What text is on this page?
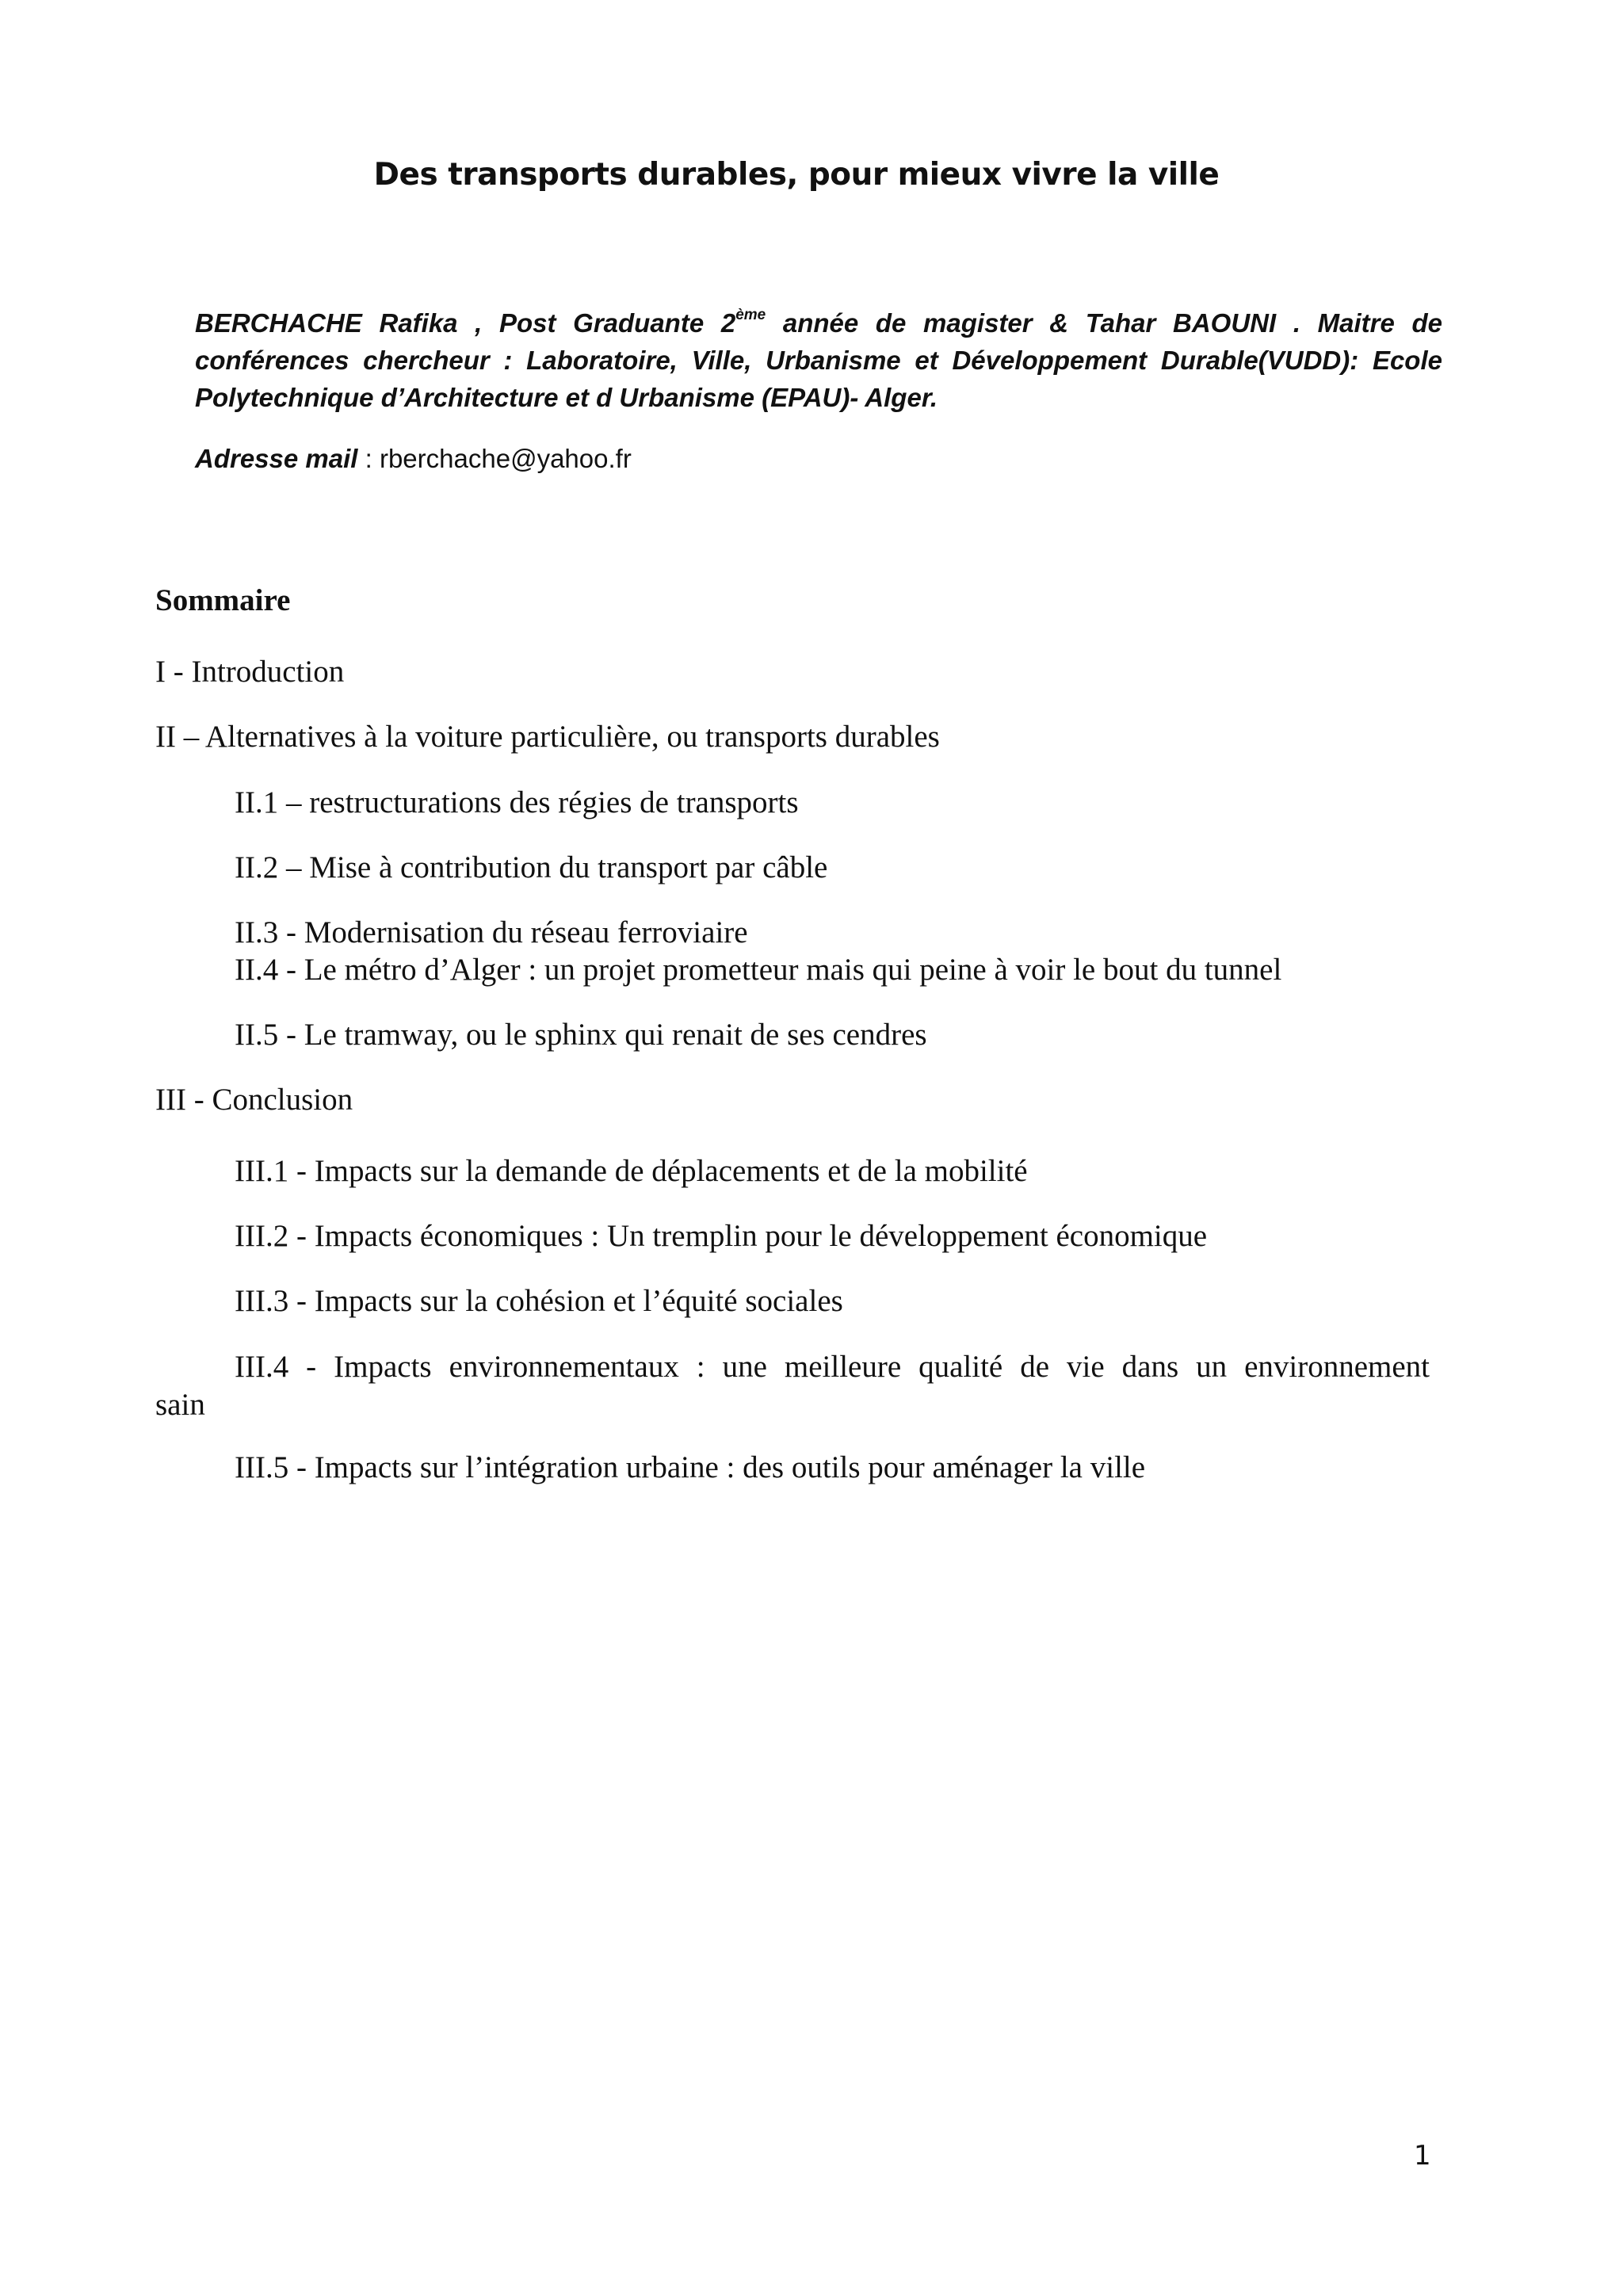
Des transports durables, pour mieux vivre la ville
BERCHACHE Rafika , Post Graduante 2ème année de magister & Tahar BAOUNI . Maitre de conférences chercheur : Laboratoire, Ville, Urbanisme et Développement Durable(VUDD): Ecole Polytechnique d’Architecture et d Urbanisme (EPAU)- Alger.
Adresse mail : rberchache@yahoo.fr
Sommaire
I - Introduction
II – Alternatives à la voiture particulière, ou transports durables
II.1 – restructurations des régies de transports
II.2 – Mise à contribution du transport par câble
II.3 - Modernisation du réseau ferroviaire
II.4 - Le métro d’Alger : un projet prometteur mais qui peine à voir le bout du tunnel
II.5 - Le tramway, ou le sphinx qui renait de ses cendres
III - Conclusion
III.1 - Impacts sur la demande de déplacements et de la mobilité
III.2 - Impacts économiques : Un tremplin pour le développement économique
III.3 - Impacts sur la cohésion et l’équité sociales
III.4 - Impacts environnementaux : une meilleure qualité de vie dans un environnement sain
III.5 - Impacts sur l’intégration urbaine : des outils pour aménager la ville
1
